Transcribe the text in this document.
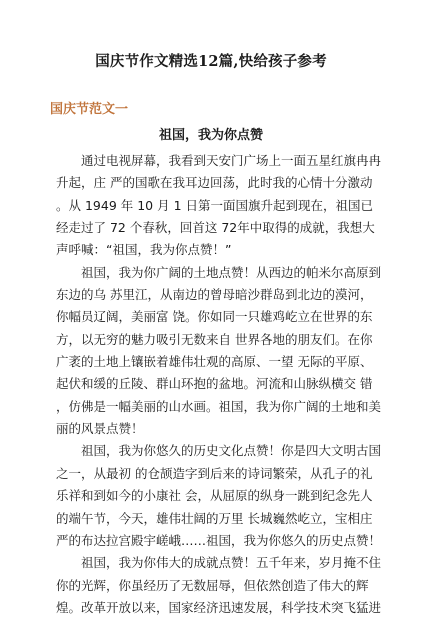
国庆节作文精选12篇,快给孩子参考
国庆节范文一
祖国，我为你点赞
　　通过电视屏幕，我看到天安门广场上一面五星红旗冉冉
升起，庄 严的国歌在我耳边回荡，此时我的心情十分激动
。从 1949 年 10 月 1 日第一面国旗升起到现在，祖国已
经走过了 72 个春秋，回首这 72年中取得的成就，我想大
声呼喊：“祖国，我为你点赞！”
　　祖国，我为你广阔的土地点赞！从西边的帕米尔高原到
东边的乌 苏里江，从南边的曾母暗沙群岛到北边的漠河，
你幅员辽阔，美丽富 饶。你如同一只雄鸡屹立在世界的东
方，以无穷的魅力吸引无数来自 世界各地的朋友们。在你
广袤的土地上镶嵌着雄伟壮观的高原、一望 无际的平原、
起伏和缓的丘陵、群山环抱的盆地。河流和山脉纵横交 错
，仿佛是一幅美丽的山水画。祖国，我为你广阔的土地和美
丽的风景点赞！
　　祖国，我为你悠久的历史文化点赞！你是四大文明古国
之一，从最初 的仓颉造字到后来的诗词繁荣，从孔子的礼
乐祥和到如今的小康社 会，从屈原的纵身一跳到纪念先人
的端午节，今天，雄伟壮阔的万里 长城巍然屹立，宝相庄
严的布达拉宫殿宇嵯峨……祖国，我为你悠久的历史点赞！
　　祖国，我为你伟大的成就点赞！五千年来，岁月掩不住
你的光辉，你虽经历了无数屈辱，但依然创造了伟大的辉
煌。改革开放以来，国家经济迅速发展，科学技术突飞猛进
